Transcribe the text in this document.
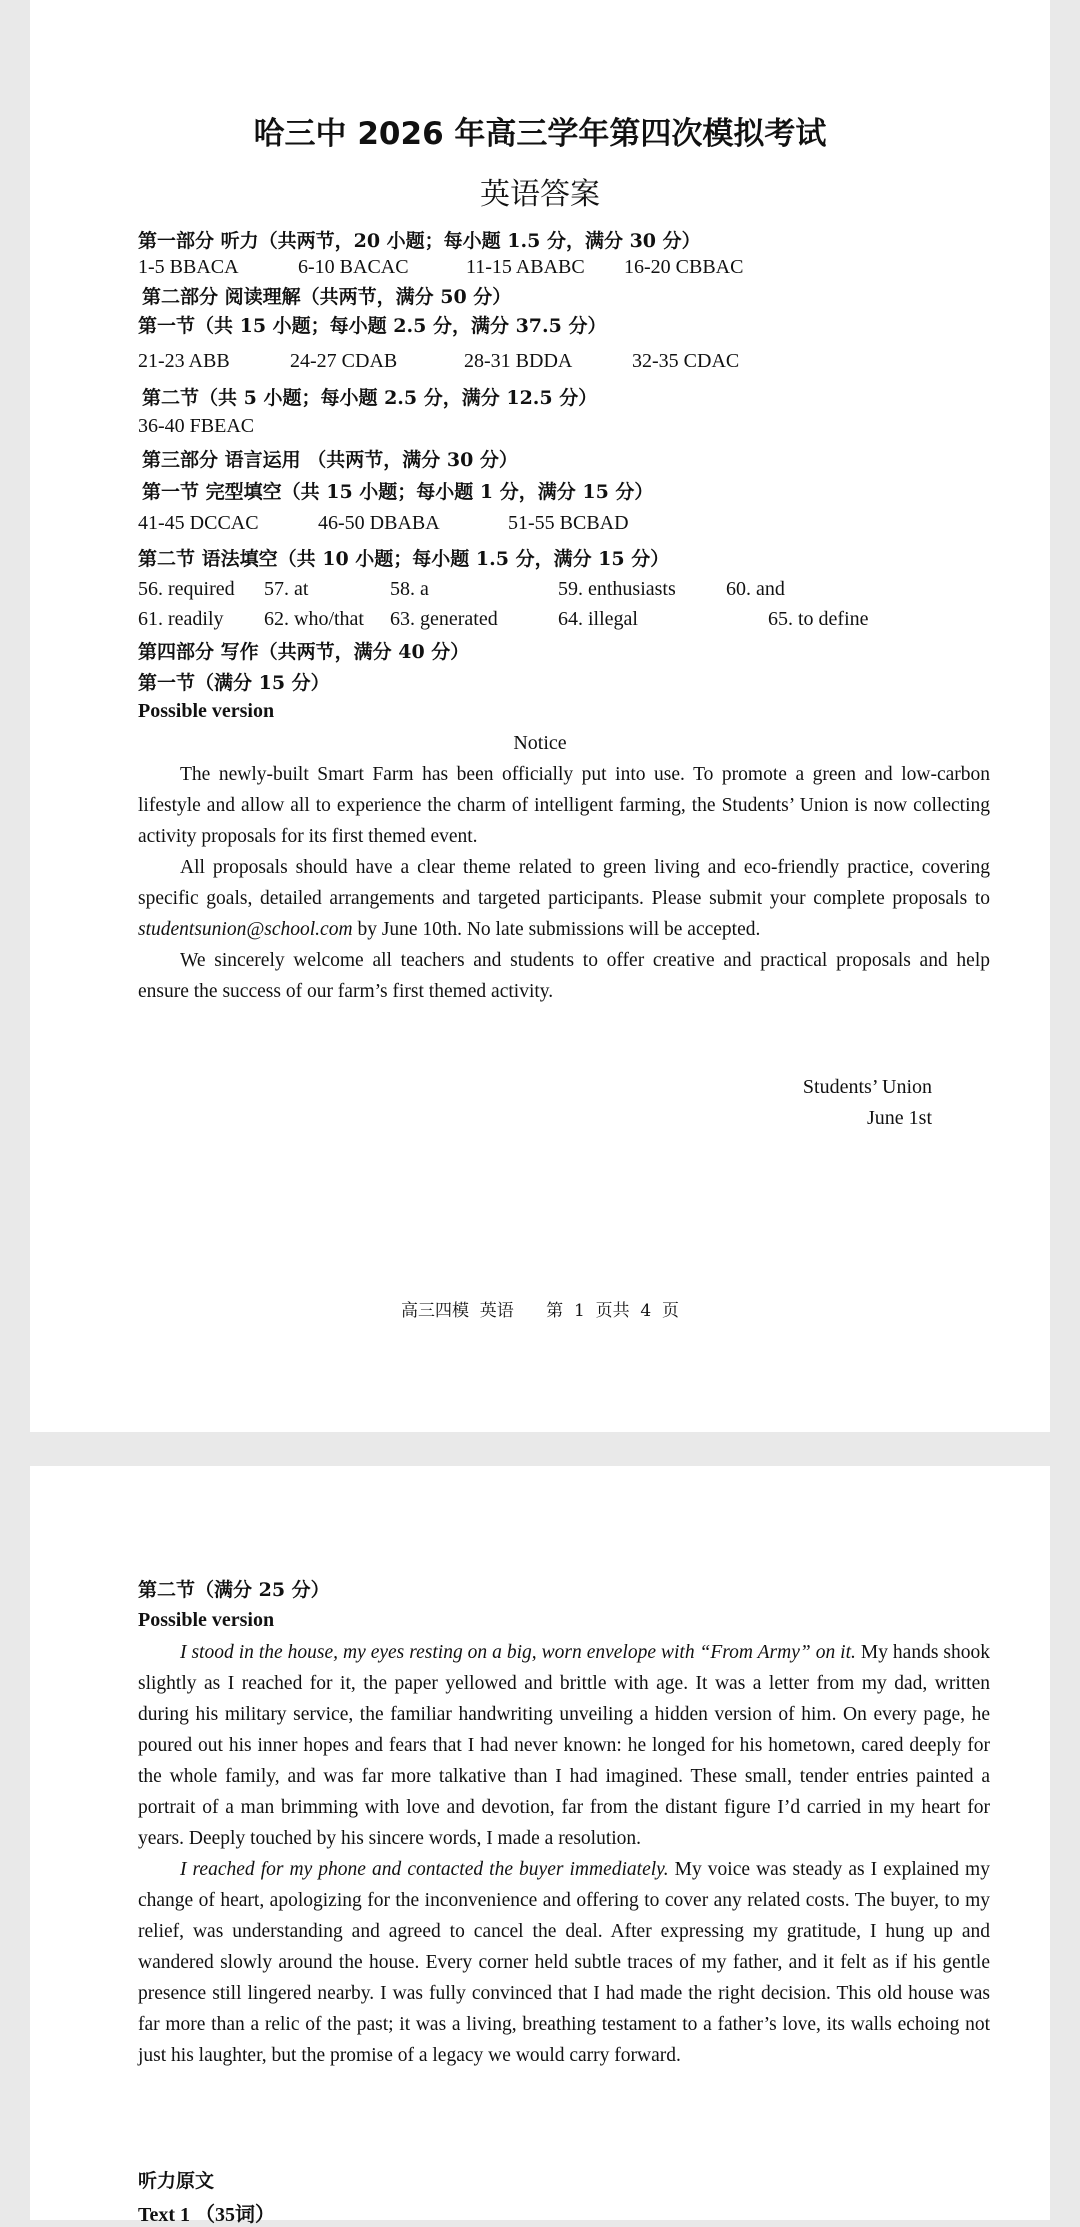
哈三中 2026 年高三学年第四次模拟考试
英语答案
第一部分 听力（共两节，20 小题；每小题 1.5 分，满分 30 分）
1-5 BBACA	6-10 BACAC	11-15 ABABC 16-20 CBBAC
第二部分 阅读理解（共两节，满分 50 分）
第一节（共 15 小题；每小题 2.5 分，满分 37.5 分）
21-23 ABB	24-27 CDAB	28-31 BDDA	32-35 CDAC
第二节（共 5 小题；每小题 2.5 分，满分 12.5 分）
36-40 FBEAC
第三部分 语言运用 （共两节，满分 30 分）
第一节 完型填空（共 15 小题；每小题 1 分，满分 15 分）
41-45 DCCAC	46-50 DBABA	51-55 BCBAD
第二节 语法填空（共 10 小题；每小题 1.5 分，满分 15 分）
56. required 57. at	58. a	59. enthusiasts	60. and
61. readily 62. who/that 63. generated	64. illegal	65. to define
第四部分 写作（共两节，满分 40 分）
第一节（满分 15 分）
Possible version
Notice

The newly-built Smart Farm has been officially put into use. To promote a green and low-carbon lifestyle and allow all to experience the charm of intelligent farming, the Students’ Union is now collecting activity proposals for its first themed event.

All proposals should have a clear theme related to green living and eco-friendly practice, covering specific goals, detailed arrangements and targeted participants. Please submit your complete proposals to studentsunion@school.com by June 10th. No late submissions will be accepted.

We sincerely welcome all teachers and students to offer creative and practical proposals and help ensure the success of our farm’s first themed activity.

Students’ Union
June 1st
高三四模  英语      第  1  页共  4  页
第二节（满分 25 分）
Possible version

I stood in the house, my eyes resting on a big, worn envelope with “From Army” on it. My hands shook slightly as I reached for it, the paper yellowed and brittle with age. It was a letter from my dad, written during his military service, the familiar handwriting unveiling a hidden version of him. On every page, he poured out his inner hopes and fears that I had never known: he longed for his hometown, cared deeply for the whole family, and was far more talkative than I had imagined. These small, tender entries painted a portrait of a man brimming with love and devotion, far from the distant figure I’d carried in my heart for years. Deeply touched by his sincere words, I made a resolution.

I reached for my phone and contacted the buyer immediately. My voice was steady as I explained my change of heart, apologizing for the inconvenience and offering to cover any related costs. The buyer, to my relief, was understanding and agreed to cancel the deal. After expressing my gratitude, I hung up and wandered slowly around the house. Every corner held subtle traces of my father, and it felt as if his gentle presence still lingered nearby. I was fully convinced that I had made the right decision. This old house was far more than a relic of the past; it was a living, breathing testament to a father’s love, its walls echoing not just his laughter, but the promise of a legacy we would carry forward.

听力原文
Text 1 （35词）
